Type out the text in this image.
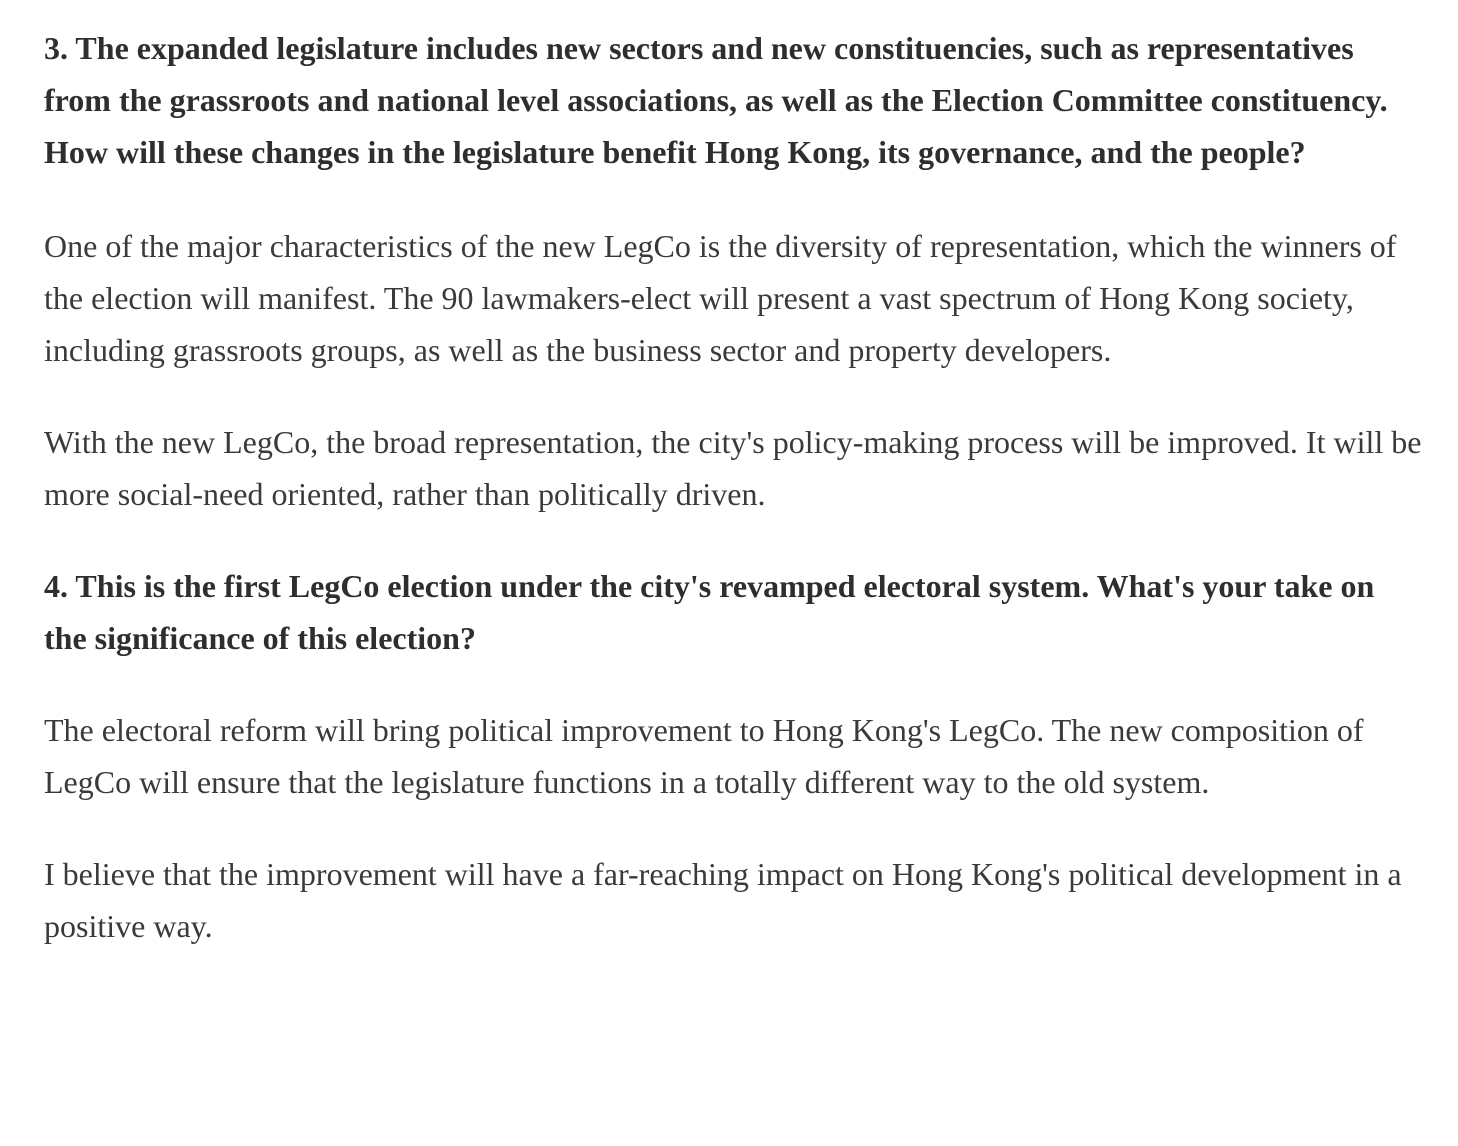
3. The expanded legislature includes new sectors and new constituencies, such as representatives from the grassroots and national level associations, as well as the Election Committee constituency. How will these changes in the legislature benefit Hong Kong, its governance, and the people?

One of the major characteristics of the new LegCo is the diversity of representation, which the winners of the election will manifest. The 90 lawmakers-elect will present a vast spectrum of Hong Kong society, including grassroots groups, as well as the business sector and property developers.

With the new LegCo, the broad representation, the city's policy-making process will be improved. It will be more social-need oriented, rather than politically driven.

4. This is the first LegCo election under the city's revamped electoral system. What's your take on the significance of this election?

The electoral reform will bring political improvement to Hong Kong's LegCo. The new composition of LegCo will ensure that the legislature functions in a totally different way to the old system.

I believe that the improvement will have a far-reaching impact on Hong Kong's political development in a positive way.
